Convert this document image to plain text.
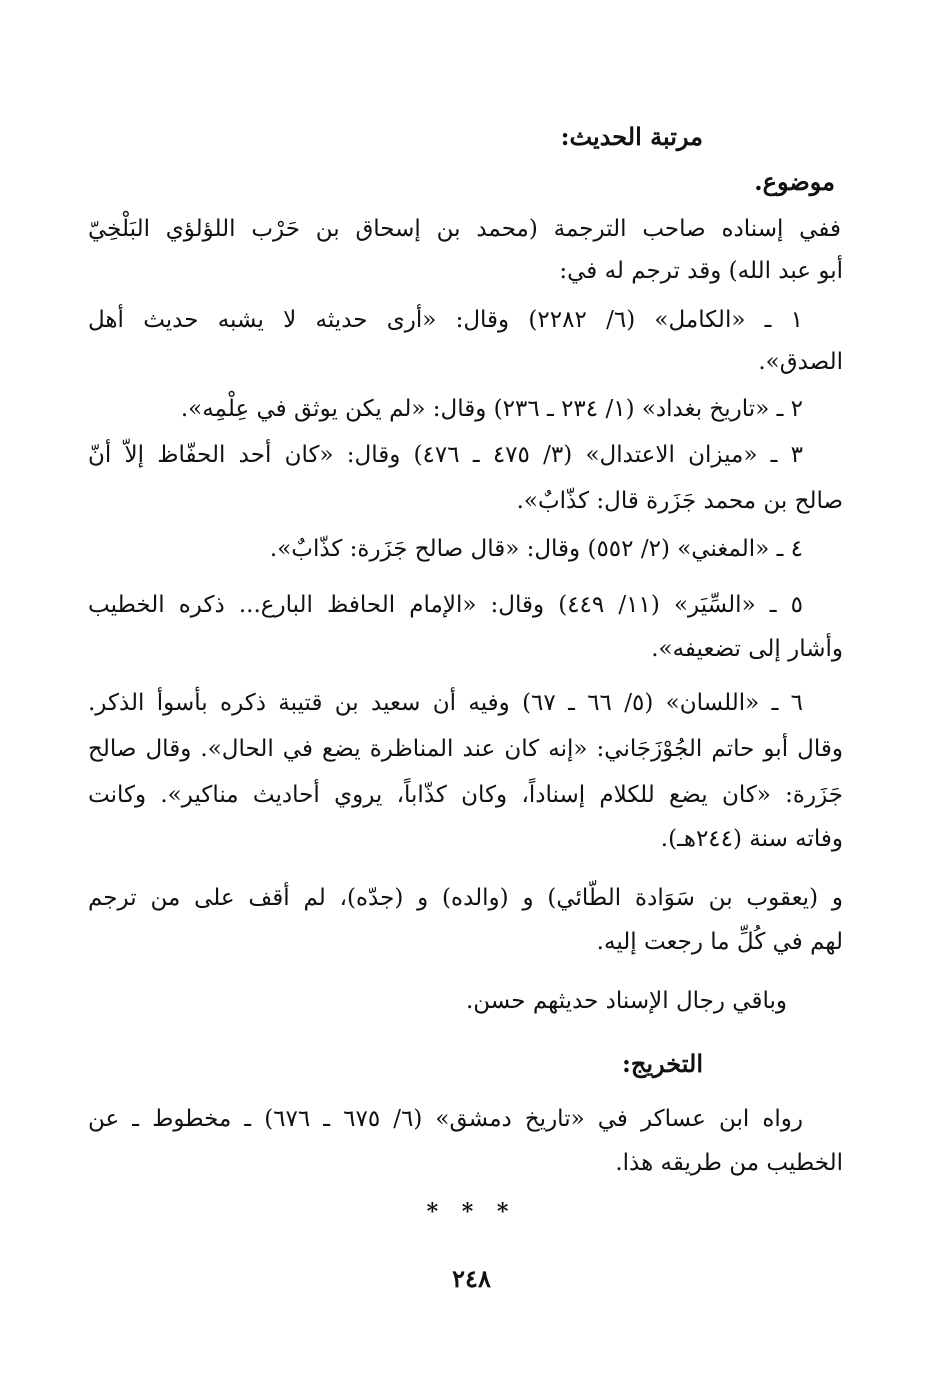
مرتبة الحديث:
موضوع.
ففي إسناده صاحب الترجمة (محمد بن إسحاق بن حَرْب اللؤلؤي البَلْخِيّ
أبو عبد الله) وقد ترجم له في:
١ ـ «الكامل» (٦/ ٢٢٨٢) وقال: «أرى حديثه لا يشبه حديث أهل
الصدق».
٢ ـ «تاريخ بغداد» (١/ ٢٣٤ ـ ٢٣٦) وقال: «لم يكن يوثق في عِلْمِه».
٣ ـ «ميزان الاعتدال» (٣/ ٤٧٥ ـ ٤٧٦) وقال: «كان أحد الحفّاظ إلاّ أنّ
صالح بن محمد جَزَرة قال: كذّابٌ».
٤ ـ «المغني» (٢/ ٥٥٢) وقال: «قال صالح جَزَرة: كذّابٌ».
٥ ـ «السِّيَر» (١١/ ٤٤٩) وقال: «الإمام الحافظ البارع... ذكره الخطيب
وأشار إلى تضعيفه».
٦ ـ «اللسان» (٥/ ٦٦ ـ ٦٧) وفيه أن سعيد بن قتيبة ذكره بأسوأ الذكر.
وقال أبو حاتم الجُوْزَجَاني: «إنه كان عند المناظرة يضع في الحال». وقال صالح
جَزَرة: «كان يضع للكلام إسناداً، وكان كذّاباً، يروي أحاديث مناكير». وكانت
وفاته سنة (٢٤٤هـ).
و (يعقوب بن سَوَادة الطّائي) و (والده) و (جدّه)، لم أقف على من ترجم
لهم في كُلِّ ما رجعت إليه.
وباقي رجال الإسناد حديثهم حسن.
التخريج:
رواه ابن عساكر في «تاريخ دمشق» (٦/ ٦٧٥ ـ ٦٧٦) ـ مخطوط ـ عن
الخطيب من طريقه هذا.
* * *
٢٤٨
